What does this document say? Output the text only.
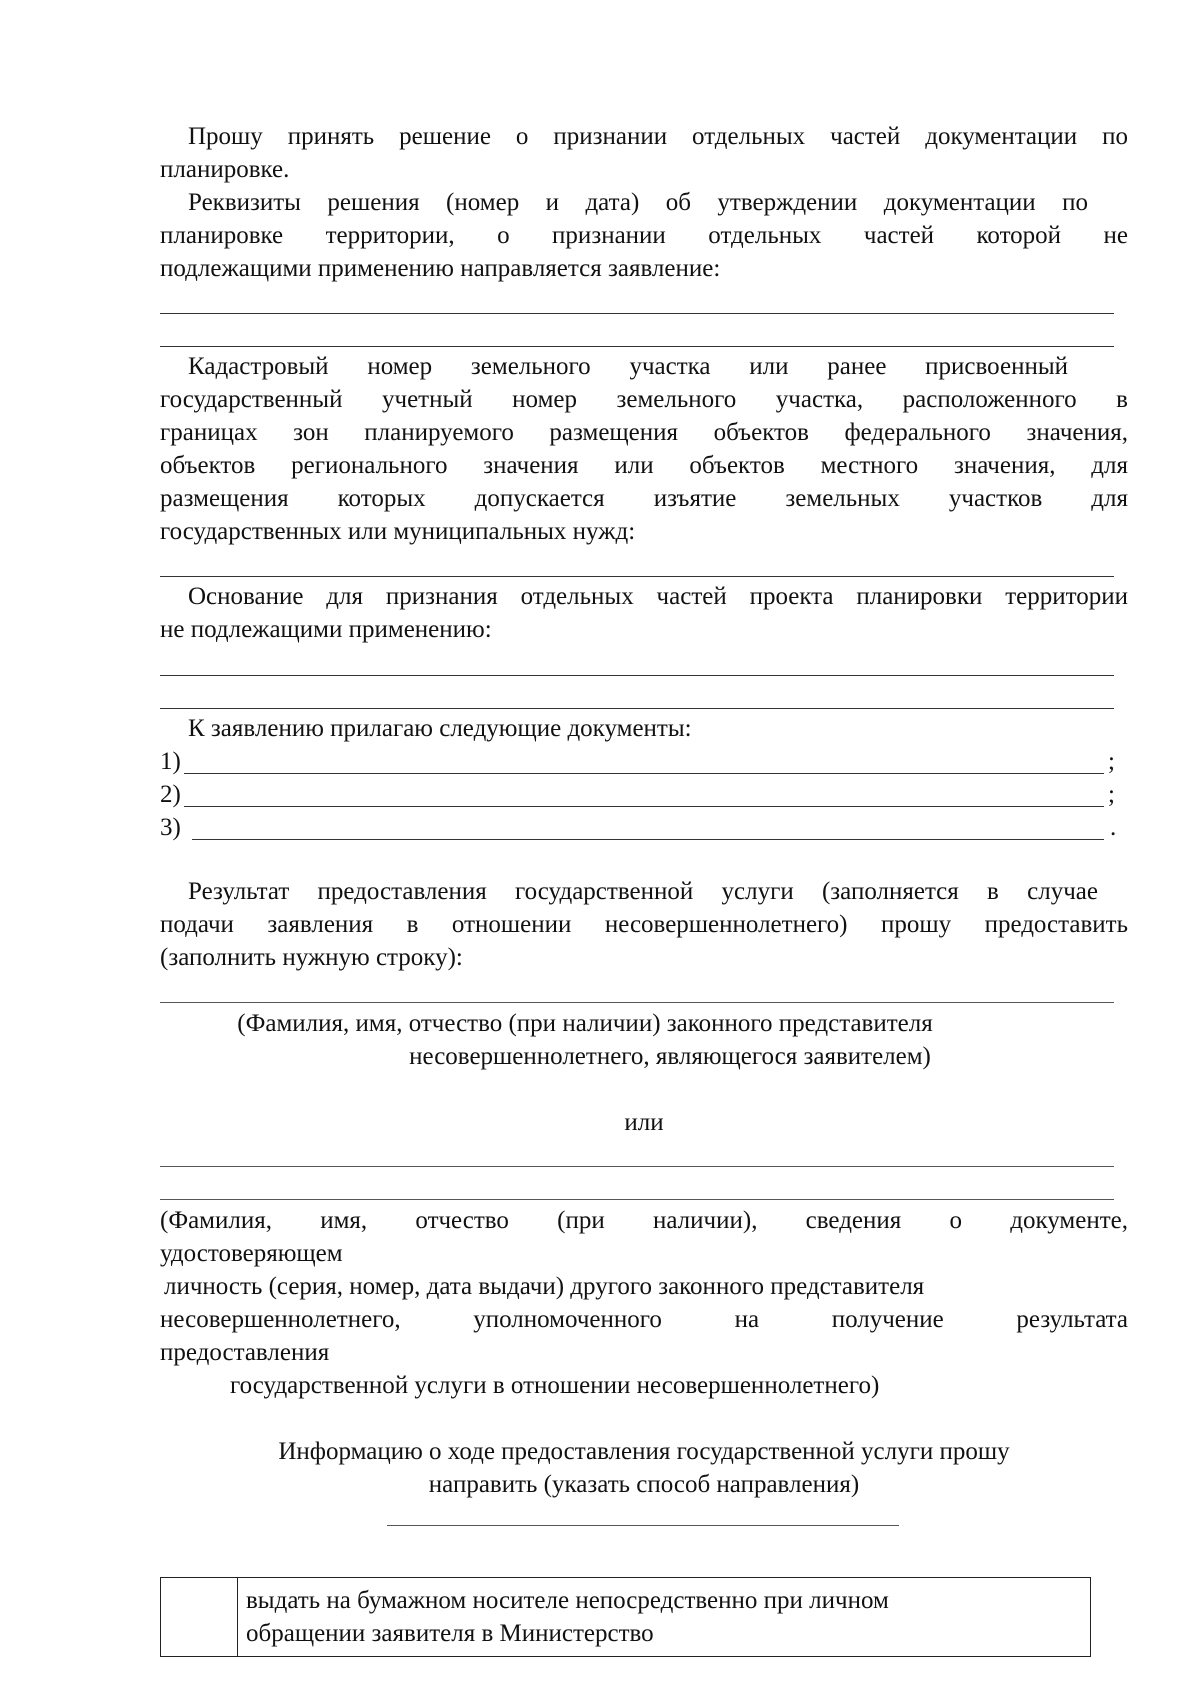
Прошу принять решение о признании отдельных частей документации по
планировке.
Реквизиты решения (номер и дата) об утверждении документации по
планировке территории, о признании отдельных частей которой не
подлежащими применению направляется заявление:
Кадастровый номер земельного участка или ранее присвоенный
государственный учетный номер земельного участка, расположенного в
границах зон планируемого размещения объектов федерального значения,
объектов регионального значения или объектов местного значения, для
размещения которых допускается изъятие земельных участков для
государственных или муниципальных нужд:
Основание для признания отдельных частей проекта планировки территории
не подлежащими применению:
К заявлению прилагаю следующие документы:
1)	;
2)	;
3)	.
Результат предоставления государственной услуги (заполняется в случае
подачи заявления в отношении несовершеннолетнего) прошу предоставить
(заполнить нужную строку):
(Фамилия, имя, отчество (при наличии) законного представителя
несовершеннолетнего, являющегося заявителем)
или
(Фамилия, имя, отчество (при наличии), сведения о документе,
удостоверяющем
личность (серия, номер, дата выдачи) другого законного представителя
несовершеннолетнего, уполномоченного на получение результата
предоставления
государственной услуги в отношении несовершеннолетнего)
Информацию о ходе предоставления государственной услуги прошу
направить (указать способ направления)

выдать на бумажном носителе непосредственно при личном
обращении заявителя в Министерство
